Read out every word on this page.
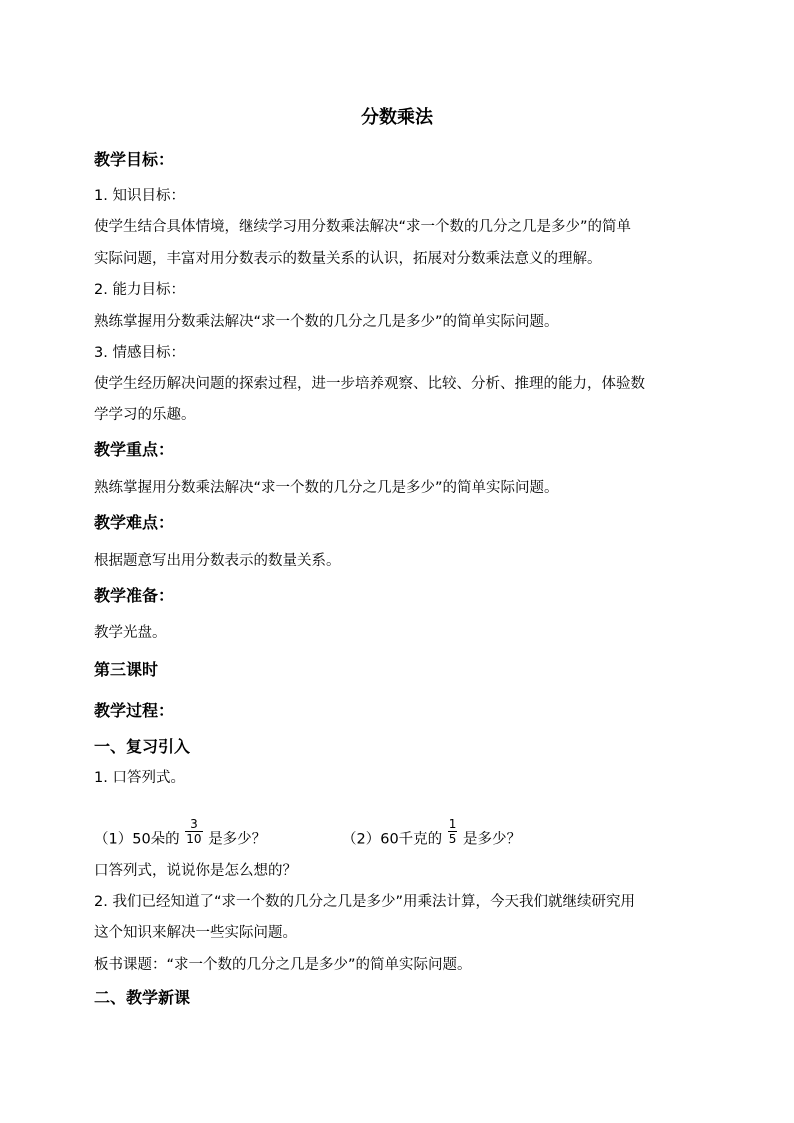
分数乘法
教学目标：
1. 知识目标：
使学生结合具体情境，继续学习用分数乘法解决“求一个数的几分之几是多少”的简单
实际问题，丰富对用分数表示的数量关系的认识，拓展对分数乘法意义的理解。
2. 能力目标：
熟练掌握用分数乘法解决“求一个数的几分之几是多少”的简单实际问题。
3. 情感目标：
使学生经历解决问题的探索过程，进一步培养观察、比较、分析、推理的能力，体验数
学学习的乐趣。
教学重点：
熟练掌握用分数乘法解决“求一个数的几分之几是多少”的简单实际问题。
教学难点：
根据题意写出用分数表示的数量关系。
教学准备：
教学光盘。
第三课时
教学过程：
一、复习引入
1. 口答列式。
（1）50朵的 $\frac{3}{10}$ 是多少？	（2）60千克的 $\frac{1}{5}$ 是多少？
口答列式，说说你是怎么想的？
2. 我们已经知道了“求一个数的几分之几是多少”用乘法计算，今天我们就继续研究用
这个知识来解决一些实际问题。
板书课题：“求一个数的几分之几是多少”的简单实际问题。
二、教学新课
